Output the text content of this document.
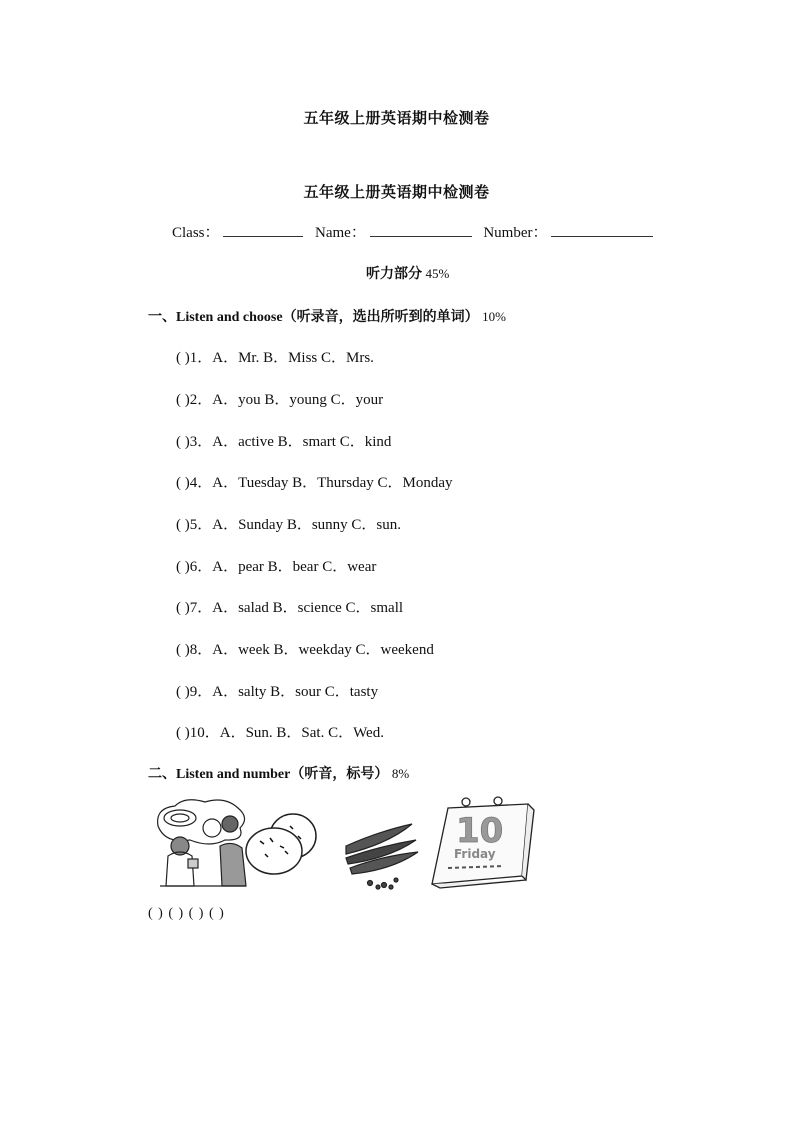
五年级上册英语期中检测卷
五年级上册英语期中检测卷
Class：	Name：	Number：
听力部分 45%
一、Listen and choose（听录音，选出所听到的单词） 10%
( )1．A．Mr. B．Miss C．Mrs.
( )2．A．you B．young C．your
( )3．A．active B．smart C．kind
( )4．A．Tuesday B．Thursday C．Monday
( )5．A．Sunday B．sunny C．sun.
( )6．A．pear B．bear C．wear
( )7．A．salad B．science C．small
( )8．A．week B．weekday C．weekend
( )9．A．salty B．sour C．tasty
( )10．A．Sun. B．Sat. C．Wed.
二、Listen and number（听音，标号） 8%
10
Friday
( ) ( ) ( ) ( )
